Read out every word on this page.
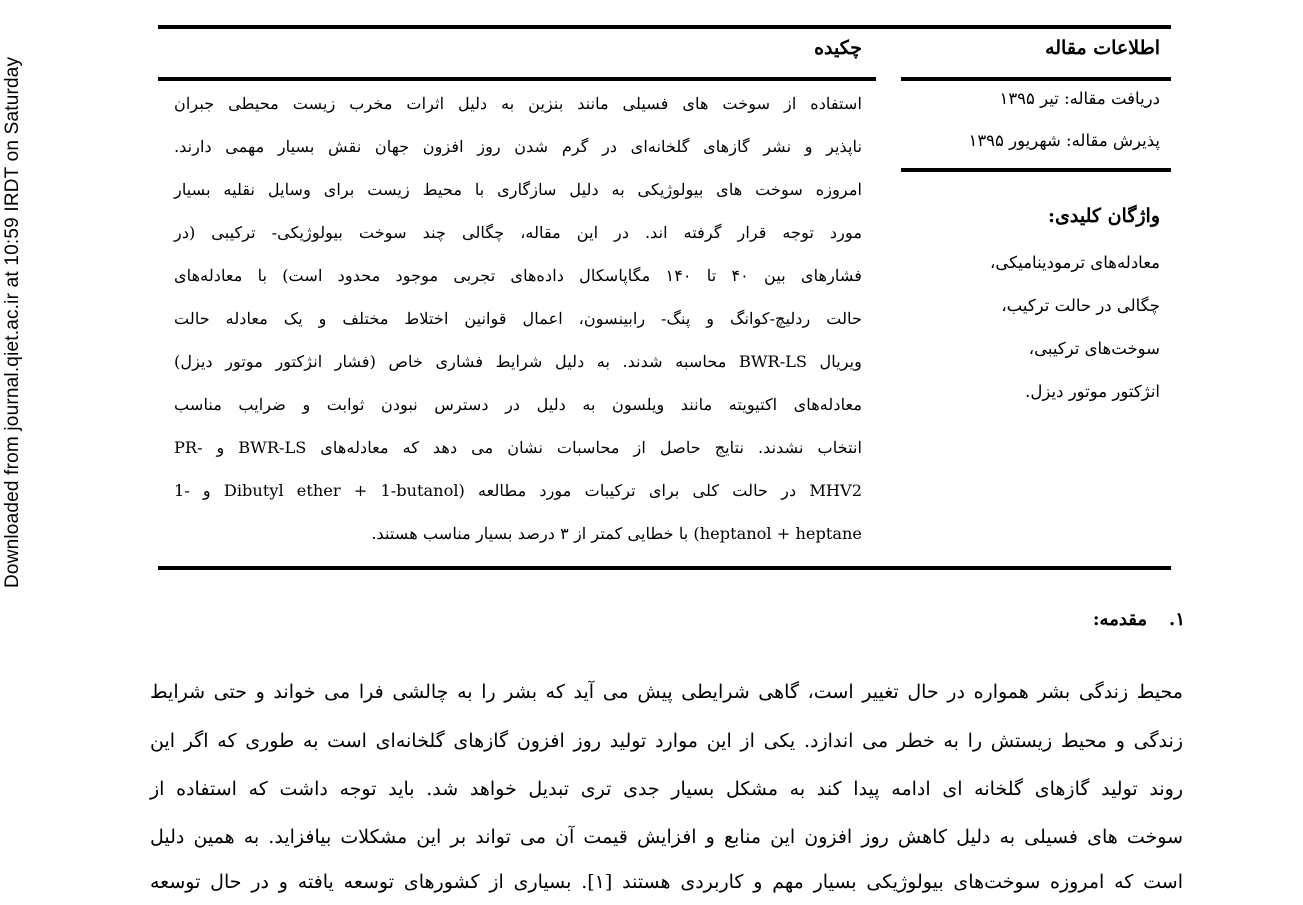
Downloaded from journal.qiet.ac.ir at 10:59 IRDT on Saturday
اطلاعات مقاله
دریافت مقاله: تیر ۱۳۹۵
پذیرش مقاله: شهریور ۱۳۹۵
واژگان کلیدی:
معادله‌های ترمودینامیکی،
چگالی در حالت ترکیب،
سوخت‌های ترکیبی،
انژکتور موتور دیزل.
چکیده
استفاده از سوخت های فسیلی مانند بنزین به دلیل اثرات مخرب زیست محیطی جبران
ناپذیر و نشر گازهای گلخانه‌ای در گرم شدن روز افزون جهان نقش بسیار مهمی دارند.
امروزه سوخت های بیولوژیکی به دلیل سازگاری با محیط زیست برای وسایل نقلیه بسیار
مورد توجه قرار گرفته اند. در این مقاله، چگالی چند سوخت بیولوژیکی- ترکیبی (در
فشارهای بین ۴۰ تا ۱۴۰ مگاپاسکال داده‌های تجربی موجود محدود است) با معادله‌های
حالت ردلیچ-کوانگ و پنگ- رابینسون، اعمال قوانین اختلاط مختلف و یک معادله حالت
ویریال BWR-LS محاسبه شدند. به دلیل شرایط فشاری خاص (فشار انژکتور موتور دیزل)
معادله‌های اکتیویته مانند ویلسون به دلیل در دسترس نبودن ثوابت و ضرایب مناسب
انتخاب نشدند. نتایج حاصل از محاسبات نشان می دهد که معادله‌های BWR-LS و -PR
MHV2 در حالت کلی برای ترکیبات مورد مطالعه (Dibutyl ether + 1-butanol و -1
heptanol + heptane) با خطایی کمتر از ۳ درصد بسیار مناسب هستند.
۱.مقدمه:
محیط زندگی بشر همواره در حال تغییر است، گاهی شرایطی پیش می آید که بشر را به چالشی فرا می خواند و حتی شرایط
زندگی و محیط زیستش را به خطر می اندازد. یکی از این موارد تولید روز افزون گازهای گلخانه‌ای است به طوری که اگر این
روند تولید گازهای گلخانه ای ادامه پیدا کند به مشکل بسیار جدی تری تبدیل خواهد شد. باید توجه داشت که استفاده از
سوخت های فسیلی به دلیل کاهش روز افزون این منابع و افزایش قیمت آن می تواند بر این مشکلات بیافزاید. به همین دلیل
است که امروزه سوخت‌های بیولوژیکی بسیار مهم و کاربردی هستند [۱]. بسیاری از کشورهای توسعه یافته و در حال توسعه
